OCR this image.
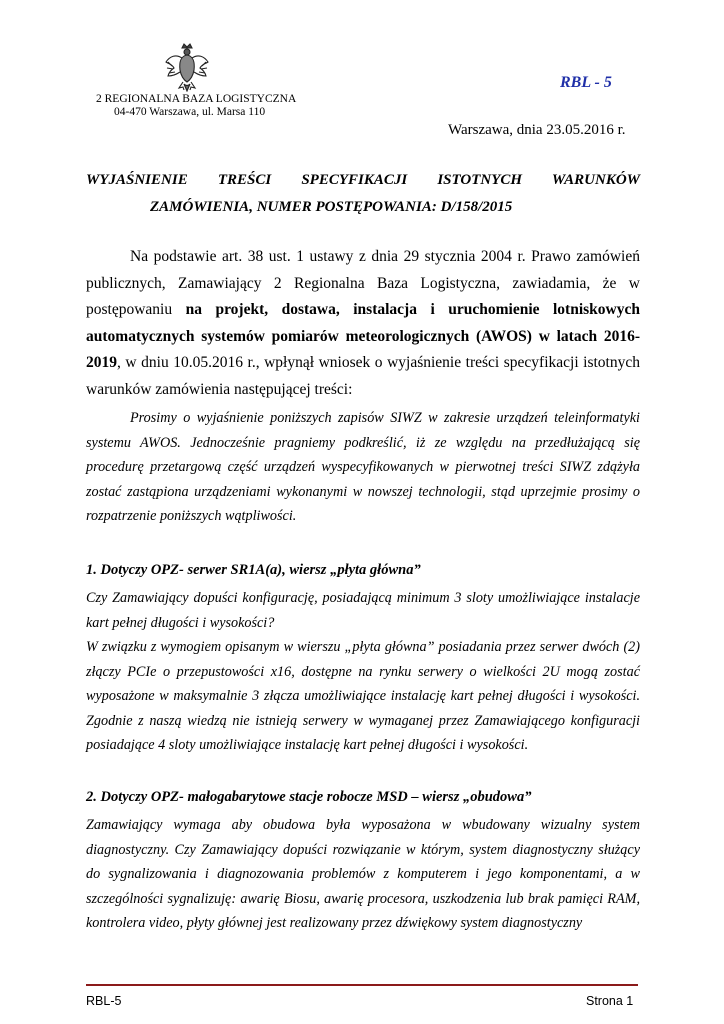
2 REGIONALNA BAZA LOGISTYCZNA
04-470 Warszawa, ul. Marsa 110
RBL - 5
Warszawa, dnia 23.05.2016 r.
WYJAŚNIENIE TREŚCI SPECYFIKACJI ISTOTNYCH WARUNKÓW
ZAMÓWIENIA, NUMER POSTĘPOWANIA: D/158/2015
Na podstawie art. 38 ust. 1 ustawy z dnia 29 stycznia 2004 r. Prawo zamówień publicznych, Zamawiający 2 Regionalna Baza Logistyczna, zawiadamia, że w postępowaniu na projekt, dostawa, instalacja i uruchomienie lotniskowych automatycznych systemów pomiarów meteorologicznych (AWOS) w latach 2016-2019, w dniu 10.05.2016 r., wpłynął wniosek o wyjaśnienie treści specyfikacji istotnych warunków zamówienia następującej treści:
Prosimy o wyjaśnienie poniższych zapisów SIWZ w zakresie urządzeń teleinformatyki systemu AWOS. Jednocześnie pragniemy podkreślić, iż ze względu na przedłużającą się procedurę przetargową część urządzeń wyspecyfikowanych w pierwotnej treści SIWZ zdążyła zostać zastąpiona urządzeniami wykonanymi w nowszej technologii, stąd uprzejmie prosimy o rozpatrzenie poniższych wątpliwości.
1. Dotyczy OPZ- serwer SR1A(a), wiersz „płyta główna”
Czy Zamawiający dopuści konfigurację, posiadającą minimum 3 sloty umożliwiające instalacje kart pełnej długości i wysokości?
W związku z wymogiem opisanym w wierszu „płyta główna” posiadania przez serwer dwóch (2) złączy PCIe o przepustowości x16, dostępne na rynku serwery o wielkości 2U mogą zostać wyposażone w maksymalnie 3 złącza umożliwiające instalację kart pełnej długości i wysokości. Zgodnie z naszą wiedzą nie istnieją serwery w wymaganej przez Zamawiającego konfiguracji posiadające 4 sloty umożliwiające instalację kart pełnej długości i wysokości.
2. Dotyczy OPZ- małogabarytowe stacje robocze MSD – wiersz „obudowa”
Zamawiający wymaga aby obudowa była wyposażona w wbudowany wizualny system diagnostyczny. Czy Zamawiający dopuści rozwiązanie w którym, system diagnostyczny służący do sygnalizowania i diagnozowania problemów z komputerem i jego komponentami, a w szczególności sygnalizuję: awarię Biosu, awarię procesora, uszkodzenia lub brak pamięci RAM, kontrolera video, płyty głównej jest realizowany przez dźwiękowy system diagnostyczny
RBL-5	Strona 1
